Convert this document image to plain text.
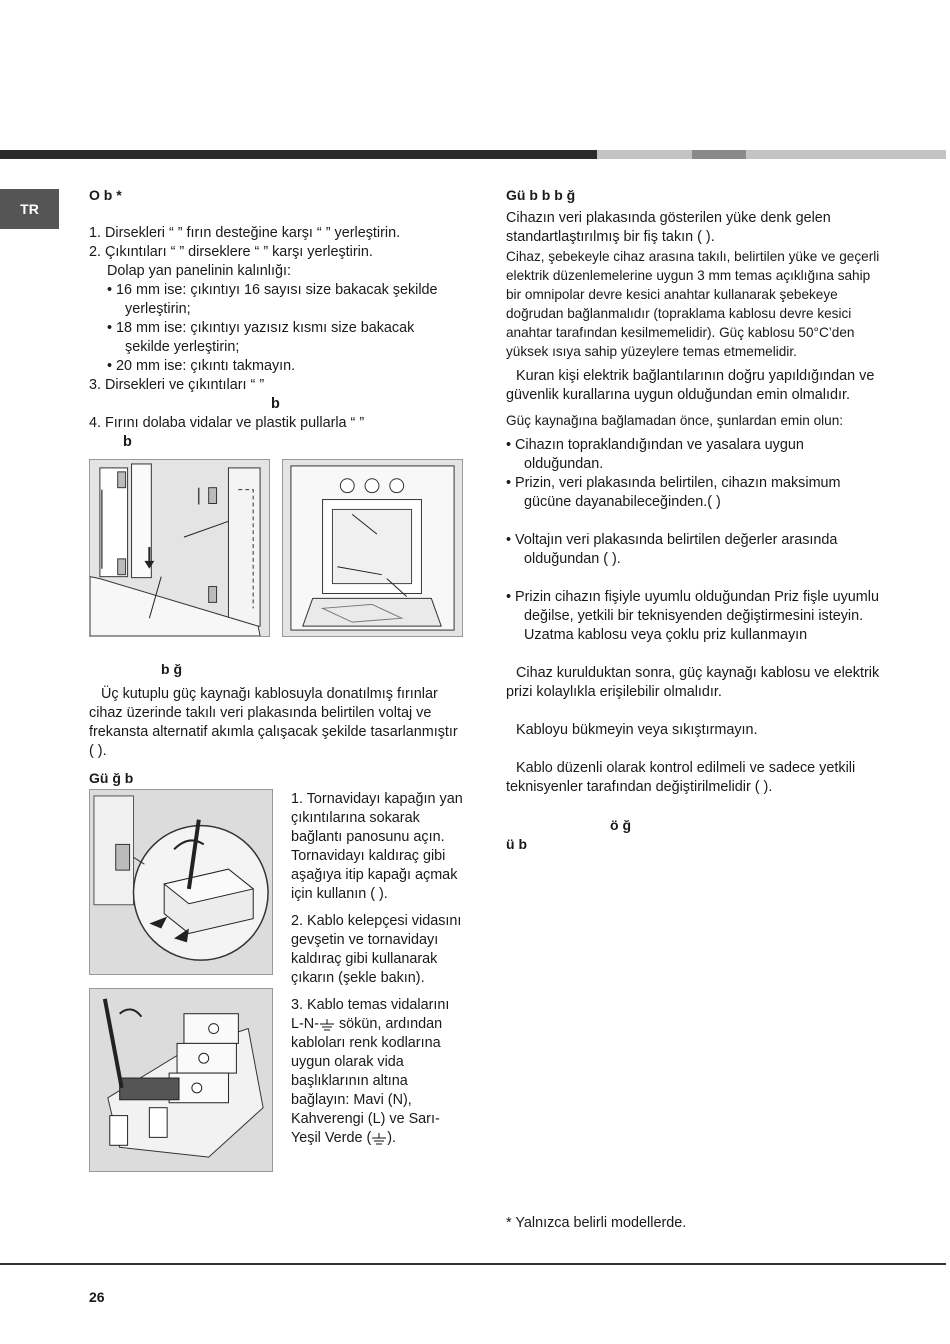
TR

O b *

1. Dirsekleri “ ” fırın desteğine karşı “ ” yerleştirin.

2. Çıkıntıları “ ” dirseklere “ ” karşı yerleştirin.

Dolap yan panelinin kalınlığı:

• 16 mm ise: çıkıntıyı 16 sayısı size bakacak şekilde yerleştirin;

• 18 mm ise: çıkıntıyı yazısız kısmı size bakacak şekilde yerleştirin;

• 20 mm ise: çıkıntı takmayın.

3. Dirsekleri ve çıkıntıları “ ”

b

4. Fırını dolaba vidalar ve plastik pullarla “ ”

b

b ğ

Üç kutuplu güç kaynağı kablosuyla donatılmış fırınlar cihaz üzerinde takılı veri plakasında belirtilen voltaj ve frekansta alternatif akımla çalışacak şekilde tasarlanmıştır ( ).

Gü ğ b

1. Tornavidayı kapağın yan çıkıntılarına sokarak bağlantı panosunu açın. Tornavidayı kaldıraç gibi aşağıya itip kapağı açmak için kullanın ( ).

2. Kablo kelepçesi vidasını gevşetin ve tornavidayı kaldıraç gibi kullanarak çıkarın (şekle bakın).

3. Kablo temas vidalarını L-N- sökün, ardından kabloları renk kodlarına uygun olarak vida başlıklarının altına bağlayın: Mavi (N), Kahverengi (L) ve Sarı-Yeşil Verde ( ).

Gü b b b ğ

Cihazın veri plakasında gösterilen yüke denk gelen standartlaştırılmış bir fiş takın ( ).

Cihaz, şebekeyle cihaz arasına takılı, belirtilen yüke ve geçerli elektrik düzenlemelerine uygun 3 mm temas açıklığına sahip bir omnipolar devre kesici anahtar kullanarak şebekeye doğrudan bağlanmalıdır (topraklama kablosu devre kesici anahtar tarafından kesilmemelidir). Güç kablosu 50°C’den yüksek ısıya sahip yüzeylere temas etmemelidir.

Kuran kişi elektrik bağlantılarının doğru yapıldığından ve güvenlik kurallarına uygun olduğundan emin olmalıdır.

Güç kaynağına bağlamadan önce, şunlardan emin olun:

• Cihazın topraklandığından ve yasalara uygun olduğundan.

• Prizin, veri plakasında belirtilen, cihazın maksimum gücüne dayanabileceğinden.( )

• Voltajın veri plakasında belirtilen değerler arasında olduğundan ( ).

• Prizin cihazın fişiyle uyumlu olduğundan Priz fişle uyumlu değilse, yetkili bir teknisyenden değiştirmesini isteyin. Uzatma kablosu veya çoklu priz kullanmayın

Cihaz kurulduktan sonra, güç kaynağı kablosu ve elektrik prizi kolaylıkla erişilebilir olmalıdır.

Kabloyu bükmeyin veya sıkıştırmayın.

Kablo düzenli olarak kontrol edilmeli ve sadece yetkili teknisyenler tarafından değiştirilmelidir ( ).

ö ğ

ü b

* Yalnızca belirli modellerde.
26
